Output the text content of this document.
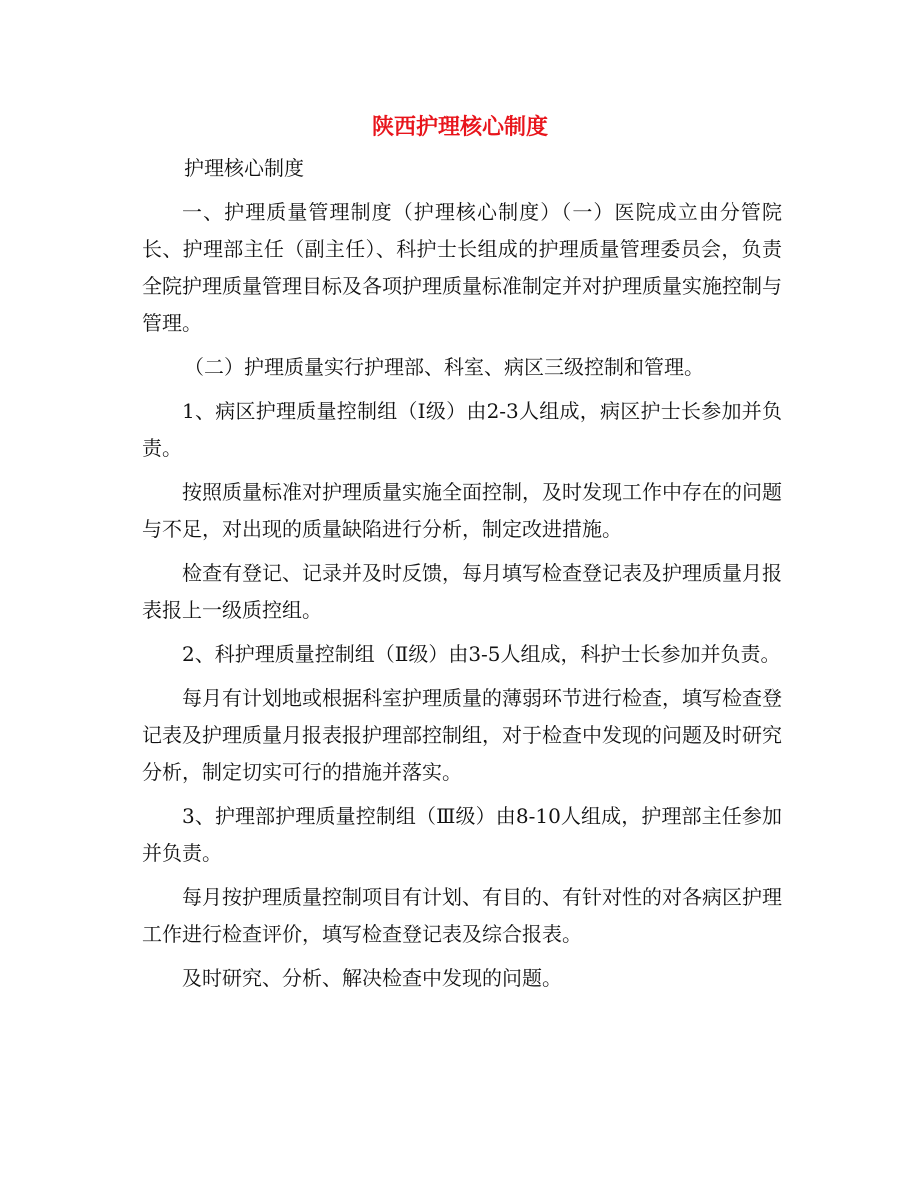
陕西护理核心制度

护理核心制度

一、护理质量管理制度（护理核心制度）（一）医院成立由分管院长、护理部主任（副主任）、科护士长组成的护理质量管理委员会，负责全院护理质量管理目标及各项护理质量标准制定并对护理质量实施控制与管理。

（二）护理质量实行护理部、科室、病区三级控制和管理。

1、病区护理质量控制组（Ⅰ级）由2-3人组成，病区护士长参加并负责。

按照质量标准对护理质量实施全面控制，及时发现工作中存在的问题与不足，对出现的质量缺陷进行分析，制定改进措施。

检查有登记、记录并及时反馈，每月填写检查登记表及护理质量月报表报上一级质控组。

2、科护理质量控制组（Ⅱ级）由3-5人组成，科护士长参加并负责。

每月有计划地或根据科室护理质量的薄弱环节进行检查，填写检查登记表及护理质量月报表报护理部控制组，对于检查中发现的问题及时研究分析，制定切实可行的措施并落实。

3、护理部护理质量控制组（Ⅲ级）由8-10人组成，护理部主任参加并负责。

每月按护理质量控制项目有计划、有目的、有针对性的对各病区护理工作进行检查评价，填写检查登记表及综合报表。

及时研究、分析、解决检查中发现的问题。
